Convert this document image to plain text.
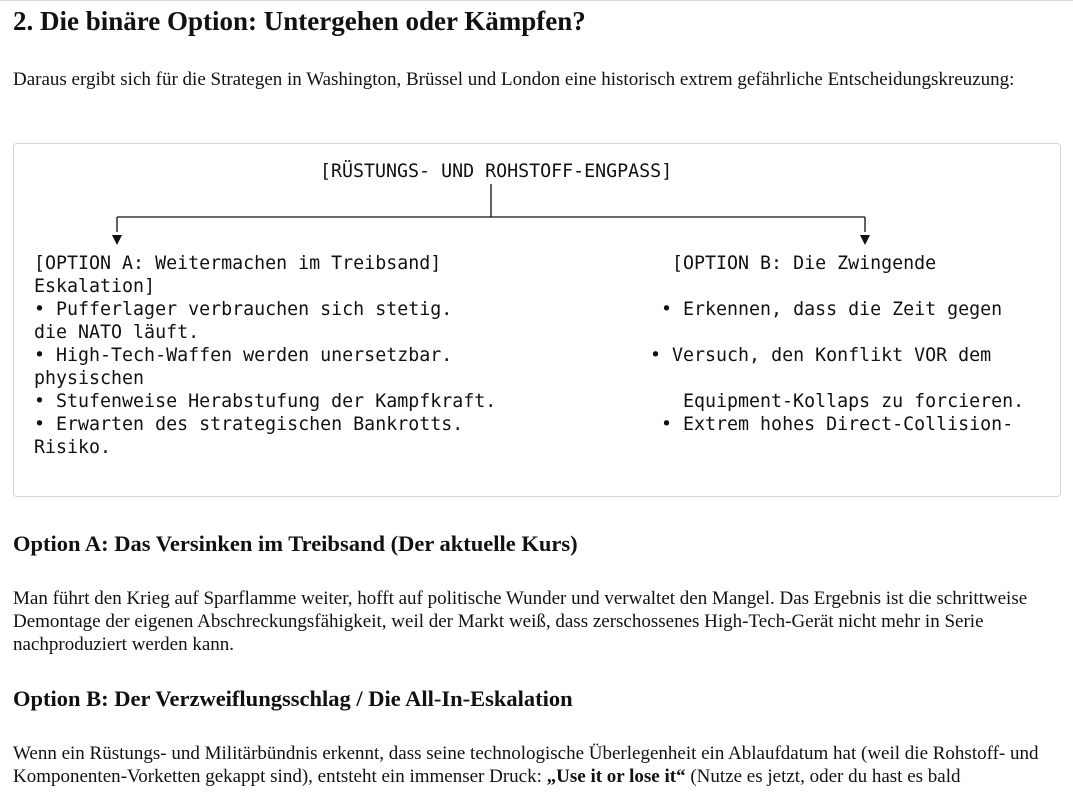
2. Die binäre Option: Untergehen oder Kämpfen?

Daraus ergibt sich für die Strategen in Washington, Brüssel und London eine historisch extrem gefährliche Entscheidungskreuzung:

[RÜSTUNGS- UND ROHSTOFF-ENGPASS]
[OPTION A: Weitermachen im Treibsand]
Eskalation]
• Pufferlager verbrauchen sich stetig.
die NATO läuft.
• High-Tech-Waffen werden unersetzbar.
physischen
• Stufenweise Herabstufung der Kampfkraft.
• Erwarten des strategischen Bankrotts.
Risiko.
[OPTION B: Die Zwingende
• Erkennen, dass die Zeit gegen
• Versuch, den Konflikt VOR dem
Equipment-Kollaps zu forcieren.
• Extrem hohes Direct-Collision-
Option A: Das Versinken im Treibsand (Der aktuelle Kurs)

Man führt den Krieg auf Sparflamme weiter, hofft auf politische Wunder und verwaltet den Mangel. Das Ergebnis ist die schrittweise Demontage der eigenen Abschreckungsfähigkeit, weil der Markt weiß, dass zerschossenes High-Tech-Gerät nicht mehr in Serie nachproduziert werden kann.

Option B: Der Verzweiflungsschlag / Die All-In-Eskalation

Wenn ein Rüstungs- und Militärbündnis erkennt, dass seine technologische Überlegenheit ein Ablaufdatum hat (weil die Rohstoff- und Komponenten-Vorketten gekappt sind), entsteht ein immenser Druck: „Use it or lose it“ (Nutze es jetzt, oder du hast es bald
